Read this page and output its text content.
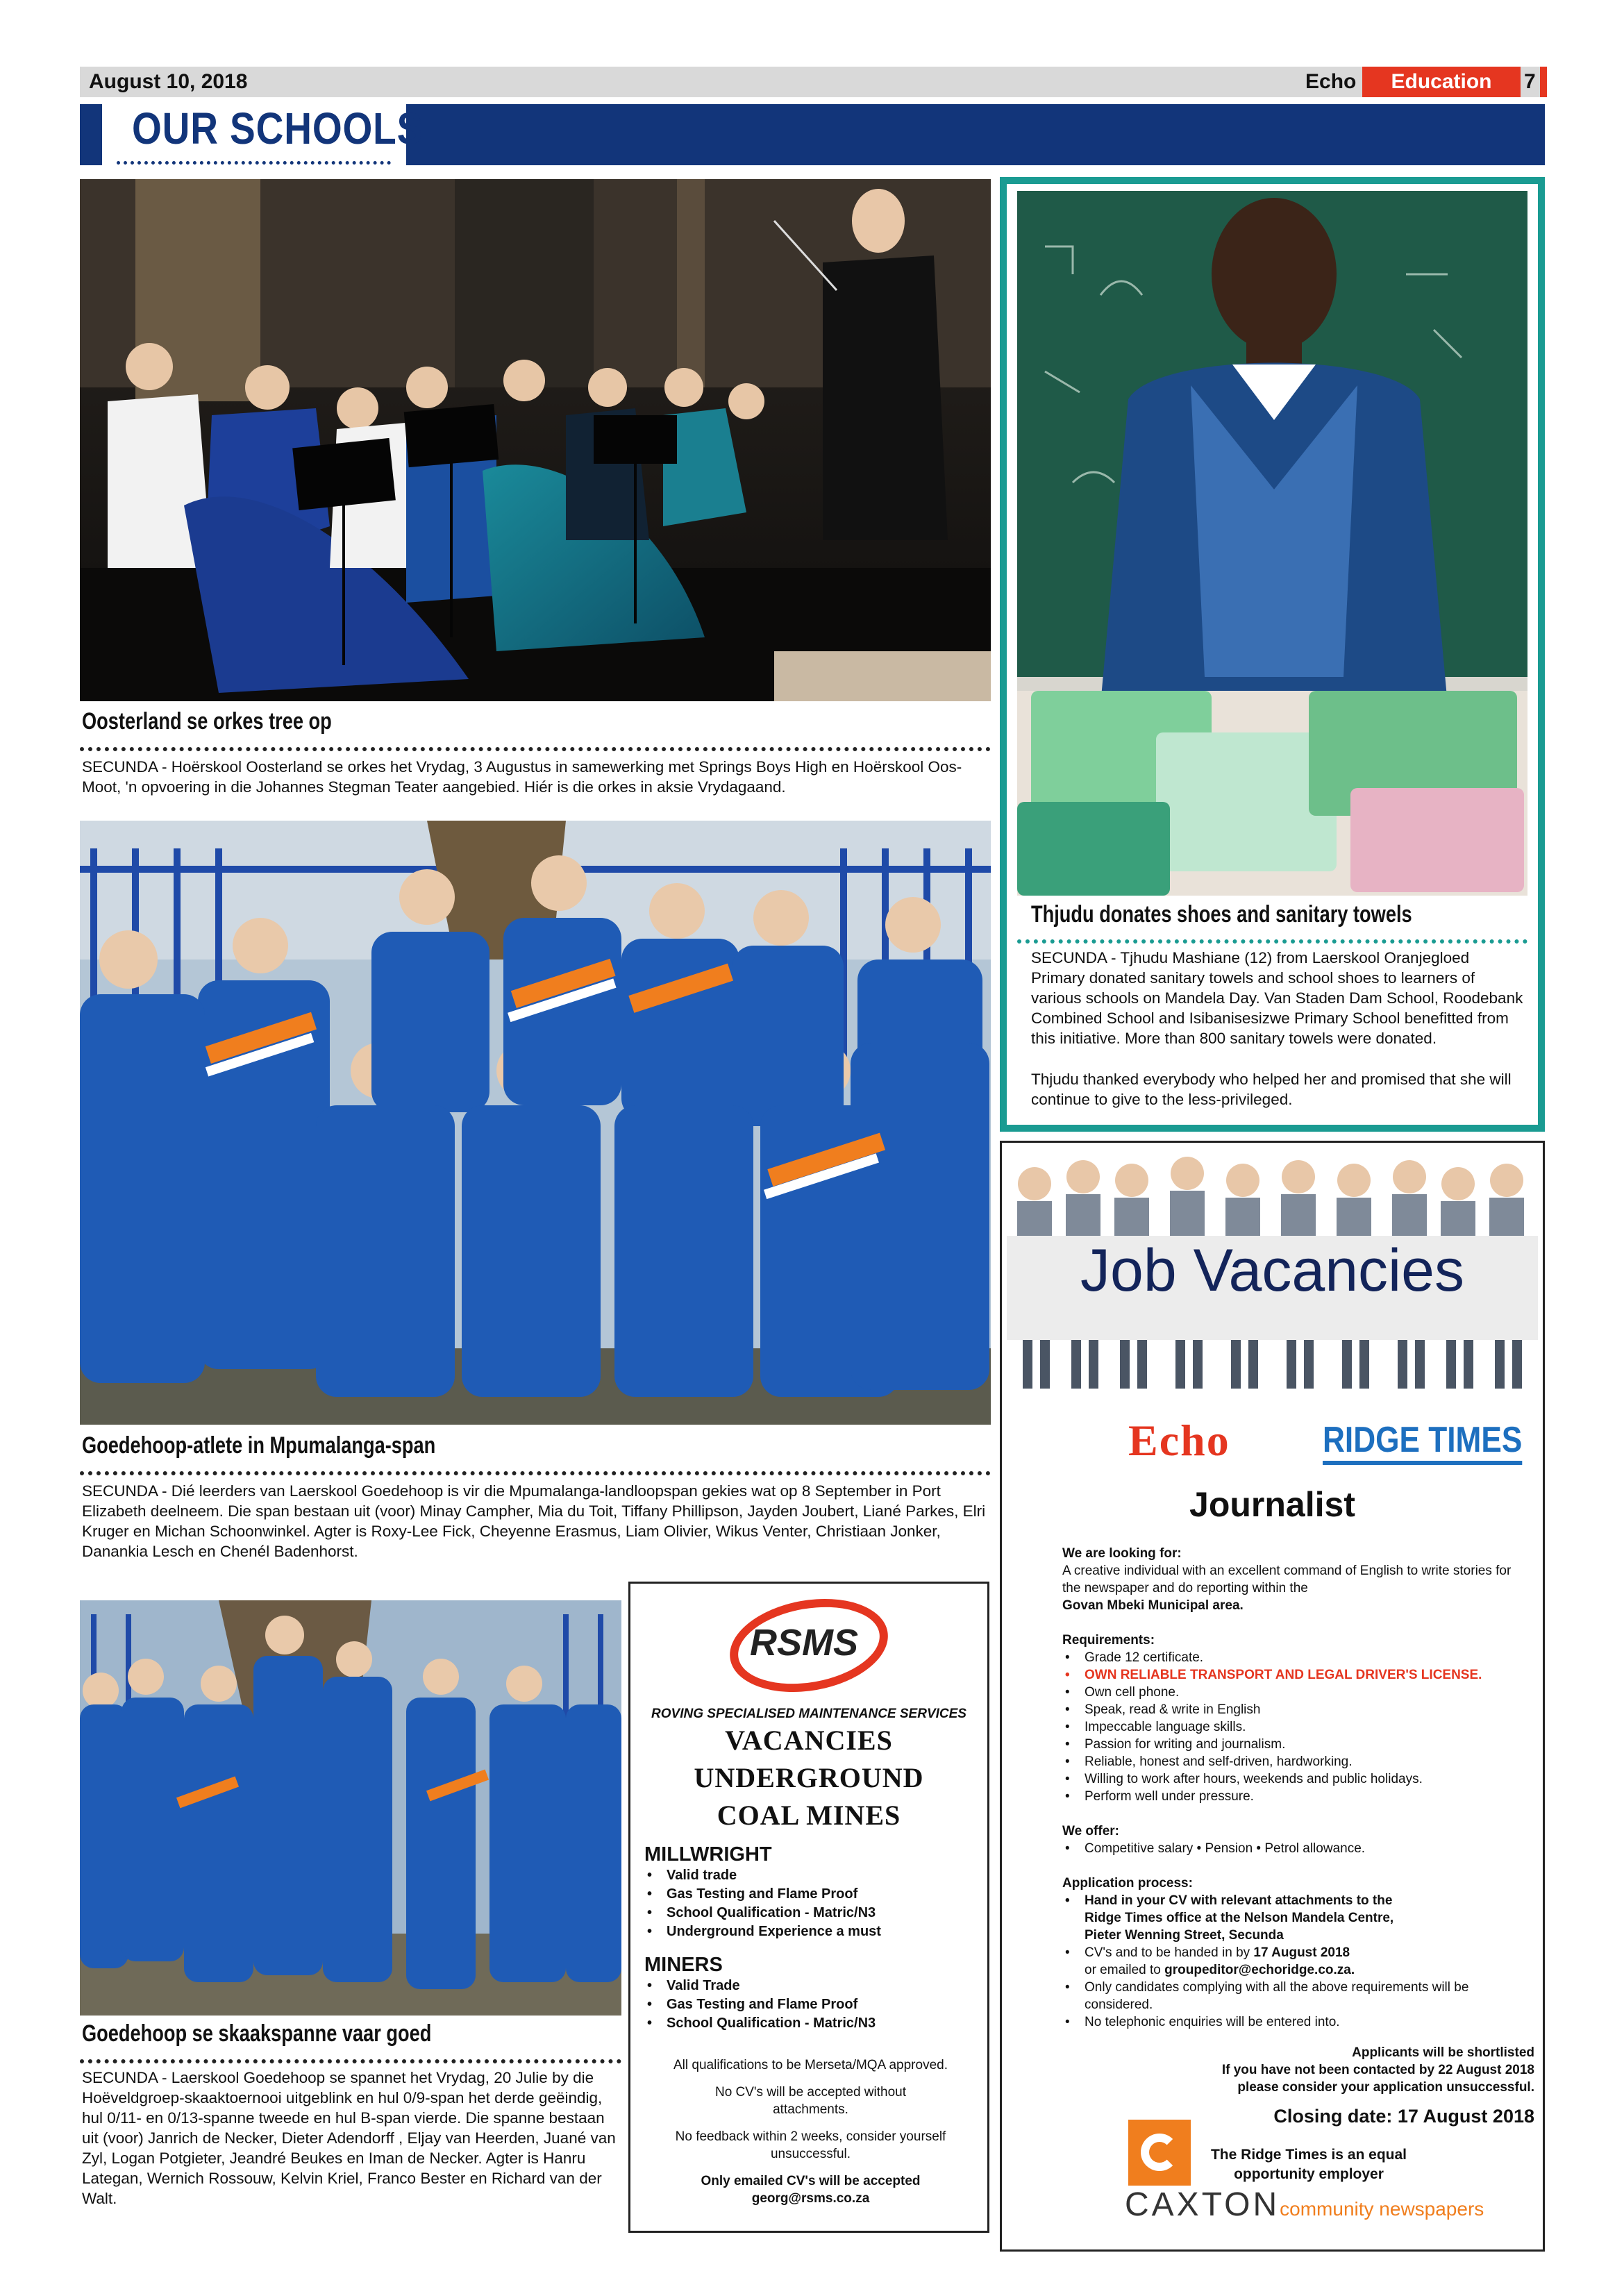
August 10, 2018	Echo	Education	7
OUR SCHOOLS
Oosterland se orkes tree op
SECUNDA - Hoërskool Oosterland se orkes het Vrydag, 3 Augustus in samewerking met Springs Boys High en Hoërskool Oos-Moot, 'n opvoering in die Johannes Stegman Teater aangebied. Hiér is die orkes in aksie Vrydagaand.
Goedehoop-atlete in Mpumalanga-span
SECUNDA - Dié leerders van Laerskool Goedehoop is vir die Mpumalanga-landloopspan gekies wat op 8 September in Port Elizabeth deelneem. Die span bestaan uit (voor) Minay Campher, Mia du Toit, Tiffany Phillipson, Jayden Joubert, Liané Parkes, Elri Kruger en Michan Schoonwinkel. Agter is Roxy-Lee Fick, Cheyenne Erasmus, Liam Olivier, Wikus Venter, Christiaan Jonker, Danankia Lesch en Chenél Badenhorst.
Goedehoop se skaakspanne vaar goed
SECUNDA - Laerskool Goedehoop se spannet het Vrydag, 20 Julie by die Hoëveldgroep-skaaktoernooi uitgeblink en hul 0/9-span het derde geëindig, hul 0/11- en 0/13-spanne tweede en hul B-span vierde. Die spanne bestaan uit (voor) Janrich de Necker, Dieter Adendorff , Eljay van Heerden, Juané van Zyl, Logan Potgieter, Jeandré Beukes en Iman de Necker. Agter is Hanru Lategan, Wernich Rossouw, Kelvin Kriel, Franco Bester en Richard van der Walt.
Thjudu donates shoes and sanitary towels
SECUNDA - Tjhudu Mashiane (12) from Laerskool Oranjegloed Primary donated sanitary towels and school shoes to learners of various schools on Mandela Day. Van Staden Dam School, Roodebank Combined School and Isibanisesizwe Primary School benefitted from this initiative. More than 800 sanitary towels were donated.
Thjudu thanked everybody who helped her and promised that she will continue to give to the less-privileged.
Job Vacancies
Echo	RIDGE TIMES
Journalist
We are looking for:
A creative individual with an excellent command of English to write stories for the newspaper and do reporting within the
Govan Mbeki Municipal area.
Requirements:
• Grade 12 certificate.
• OWN RELIABLE TRANSPORT AND LEGAL DRIVER'S LICENSE.
• Own cell phone.
• Speak, read & write in English
• Impeccable language skills.
• Passion for writing and journalism.
• Reliable, honest and self-driven, hardworking.
• Willing to work after hours, weekends and public holidays.
• Perform well under pressure.
We offer:
• Competitive salary • Pension • Petrol allowance.
Application process:
• Hand in your CV with relevant attachments to the Ridge Times office at the Nelson Mandela Centre, Pieter Wenning Street, Secunda
• CV's and to be handed in by 17 August 2018
or emailed to groupeditor@echoridge.co.za.
• Only candidates complying with all the above requirements will be considered.
• No telephonic enquiries will be entered into.
Applicants will be shortlisted
If you have not been contacted by 22 August 2018
please consider your application unsuccessful.
Closing date: 17 August 2018
The Ridge Times is an equal opportunity employer
CAXTONcommunity newspapers
RSMS
ROVING SPECIALISED MAINTENANCE SERVICES
VACANCIES
UNDERGROUND
COAL MINES
MILLWRIGHT
• Valid trade
• Gas Testing and Flame Proof
• School Qualification - Matric/N3
• Underground Experience a must
MINERS
• Valid Trade
• Gas Testing and Flame Proof
• School Qualification - Matric/N3
All qualifications to be Merseta/MQA approved.
No CV's will be accepted without attachments.
No feedback within 2 weeks, consider yourself unsuccessful.
Only emailed CV's will be accepted
georg@rsms.co.za
